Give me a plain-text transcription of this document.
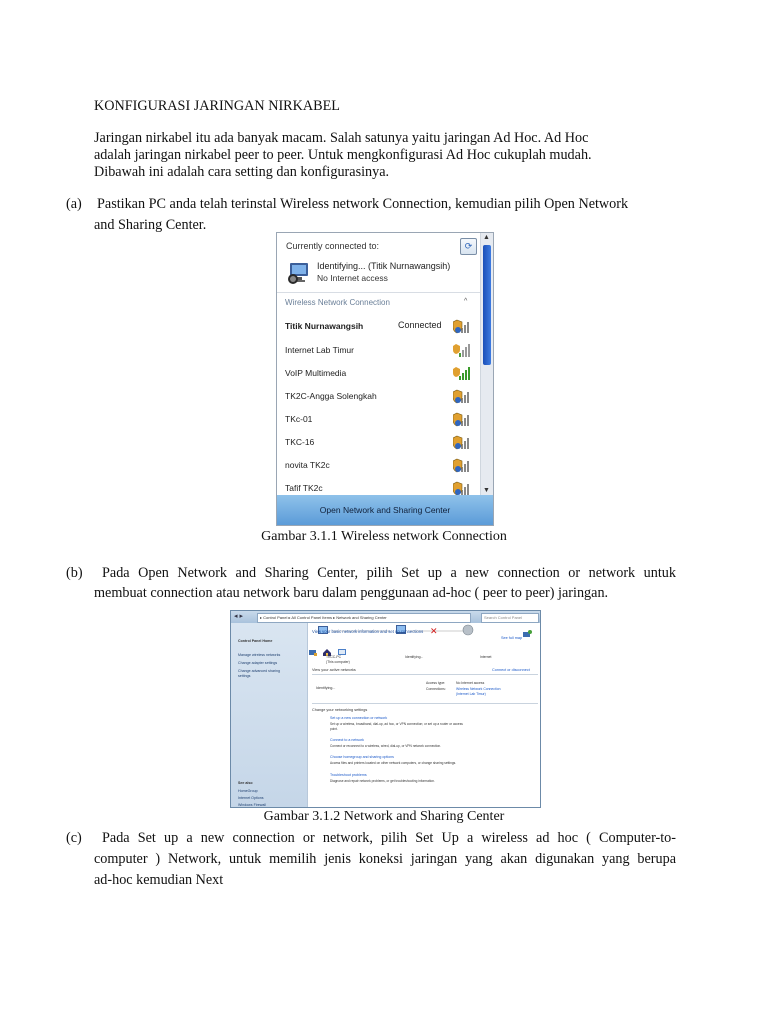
KONFIGURASI JARINGAN NIRKABEL

Jaringan nirkabel itu ada banyak macam. Salah satunya yaitu jaringan Ad Hoc. Ad Hoc

adalah jaringan nirkabel peer to peer. Untuk mengkonfigurasi Ad Hoc cukuplah mudah.

Dibawah ini adalah cara setting dan konfigurasinya.

(a) Pastikan PC anda telah terinstal Wireless network Connection, kemudian pilih Open Network

and Sharing Center.

Currently connected to:	⟳
Identifying... (Titik Nurnawangsih)
No Internet access
Wireless Network Connection	^
Titik Nurnawangsih	Connected
Internet Lab Timur
VoIP Multimedia
TK2C-Angga Solengkah
TKc-01
TKC-16
novita TK2c
Tafif TK2c
▲
▼
Open Network and Sharing Center
Gambar 3.1.1 Wireless network Connection

(b) Pada Open Network and Sharing Center, pilih Set up a new connection or network untuk

membuat connection atau network baru dalam penggunaan ad-hoc ( peer to peer) jaringan.

◂ ▸	▸ Control Panel ▸ All Control Panel Items ▸ Network and Sharing Center	Search Control Panel
Control Panel Home
Manage wireless networks
Change adapter settings
Change advanced sharing
settings
See also
HomeGroup
Internet Options
Windows Firewall
View your basic network information and set up connections
See full map
✕

TKCC-PC
(This computer)
Identifying...	Internet
View your active networks	Connect or disconnect
Identifying...
Access type:	No Internet access
Connections:	Wireless Network Connection
(Internet Lab Timur)
Change your networking settings

Set up a new connection or network
Set up a wireless, broadband, dial-up, ad hoc, or VPN connection; or set up a router or access
point.

Connect to a network
Connect or reconnect to a wireless, wired, dial-up, or VPN network connection.

Choose homegroup and sharing options
Access files and printers located on other network computers, or change sharing settings.
Troubleshoot problems
Diagnose and repair network problems, or get troubleshooting information.
Gambar 3.1.2 Network and Sharing Center

(c) Pada Set up a new connection or network, pilih Set Up a wireless ad hoc ( Computer-to-

computer ) Network, untuk memilih jenis koneksi jaringan yang akan digunakan yang berupa

ad-hoc kemudian Next
